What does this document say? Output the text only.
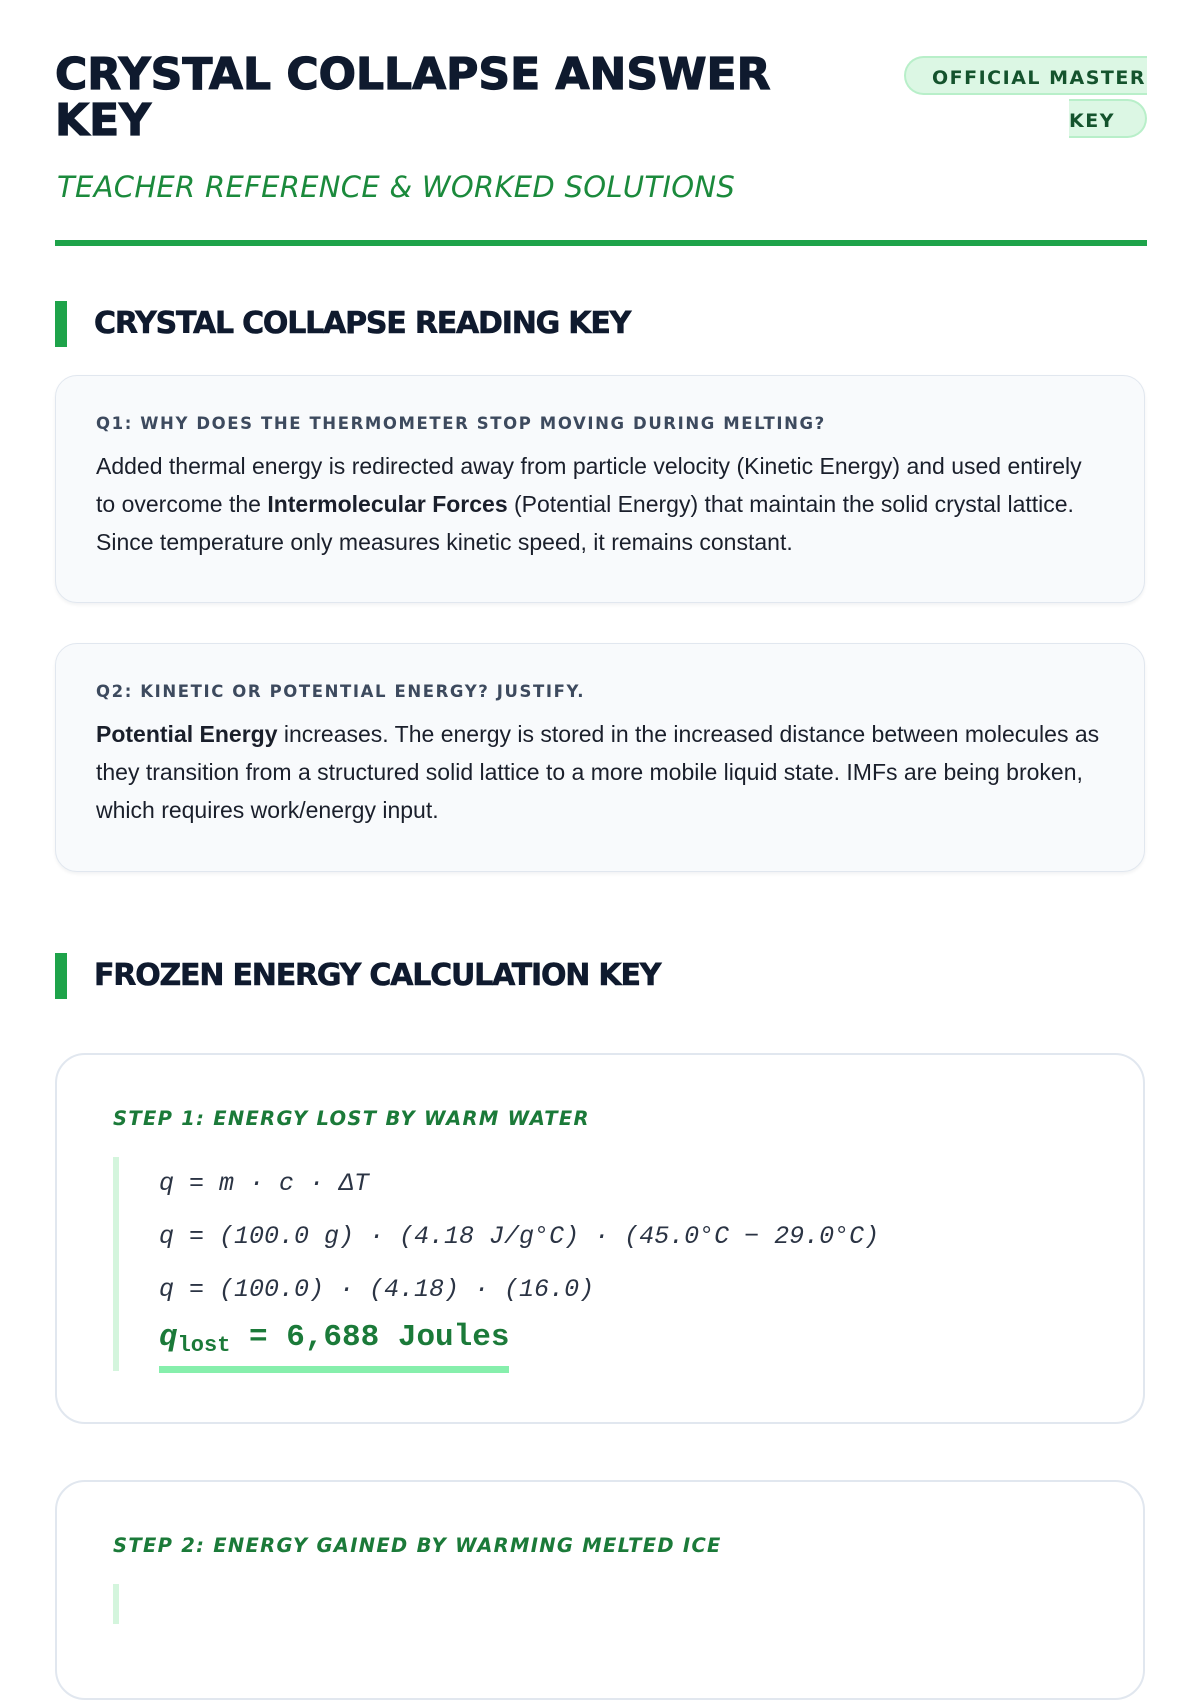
CRYSTAL COLLAPSE ANSWER KEY
OFFICIAL MASTER
KEY

TEACHER REFERENCE & WORKED SOLUTIONS

CRYSTAL COLLAPSE READING KEY

Q1: WHY DOES THE THERMOMETER STOP MOVING DURING MELTING?

Added thermal energy is redirected away from particle velocity (Kinetic Energy) and used entirely to overcome the Intermolecular Forces (Potential Energy) that maintain the solid crystal lattice. Since temperature only measures kinetic speed, it remains constant.

Q2: KINETIC OR POTENTIAL ENERGY? JUSTIFY.

Potential Energy increases. The energy is stored in the increased distance between molecules as they transition from a structured solid lattice to a more mobile liquid state. IMFs are being broken, which requires work/energy input.

FROZEN ENERGY CALCULATION KEY

STEP 1: ENERGY LOST BY WARM WATER

q = m · c · ΔT
q = (100.0 g) · (4.18 J/g°C) · (45.0°C − 29.0°C)
q = (100.0) · (4.18) · (16.0)
$q_{lost} = 6,688$ Joules

STEP 2: ENERGY GAINED BY WARMING MELTED ICE
